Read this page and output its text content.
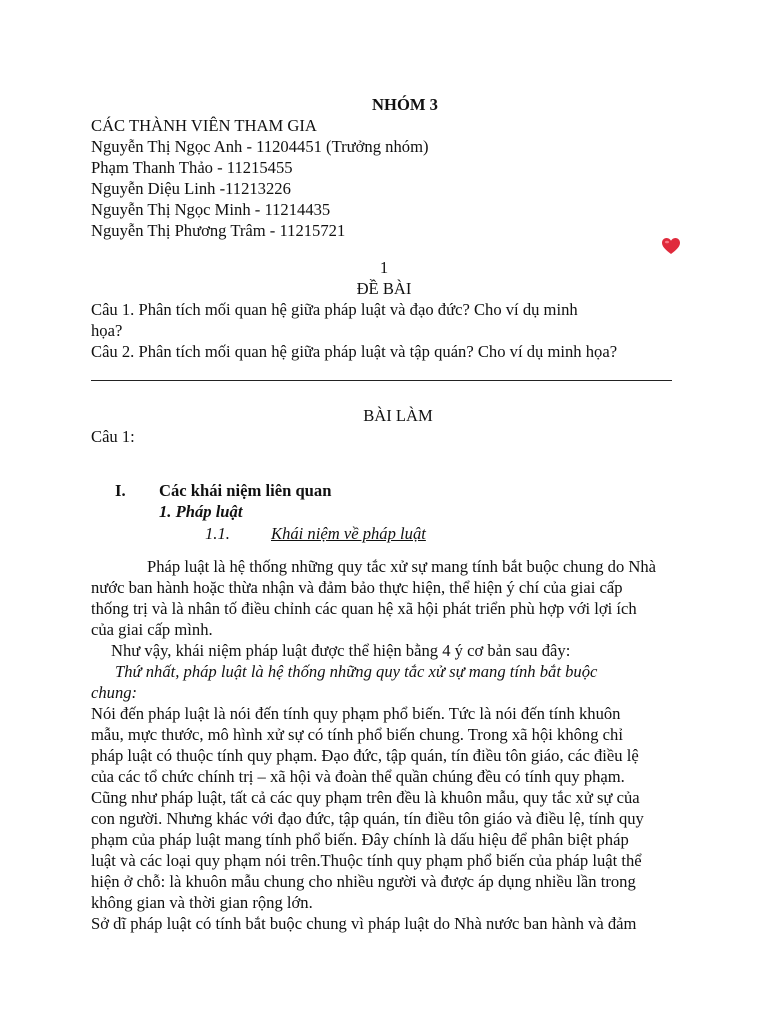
NHÓM 3
CÁC THÀNH VIÊN THAM GIA
Nguyễn Thị Ngọc Anh - 11204451 (Trưởng nhóm)
Phạm Thanh Thảo - 11215455
Nguyễn Diệu Linh -11213226
Nguyễn Thị Ngọc Minh - 11214435
Nguyễn Thị Phương Trâm - 11215721
1
ĐỀ BÀI
Câu 1. Phân tích mối quan hệ giữa pháp luật và đạo đức? Cho ví dụ minh
họa?
Câu 2. Phân tích mối quan hệ giữa pháp luật và tập quán? Cho ví dụ minh họa?
BÀI LÀM
Câu 1:
I. Các khái niệm liên quan
1. Pháp luật
1.1. Khái niệm về pháp luật
Pháp luật là hệ thống những quy tắc xử sự mang tính bắt buộc chung do Nhà
nước ban hành hoặc thừa nhận và đảm bảo thực hiện, thể hiện ý chí của giai cấp
thống trị và là nhân tố điều chỉnh các quan hệ xã hội phát triển phù hợp với lợi ích
của giai cấp mình.
Như vậy, khái niệm pháp luật được thể hiện bằng 4 ý cơ bản sau đây:
Thứ nhất, pháp luật là hệ thống những quy tắc xử sự mang tính bắt buộc
chung:
Nói đến pháp luật là nói đến tính quy phạm phổ biến. Tức là nói đến tính khuôn
mẫu, mực thước, mô hình xử sự có tính phổ biến chung. Trong xã hội không chỉ
pháp luật có thuộc tính quy phạm. Đạo đức, tập quán, tín điều tôn giáo, các điều lệ
của các tổ chức chính trị – xã hội và đoàn thể quần chúng đều có tính quy phạm.
Cũng như pháp luật, tất cả các quy phạm trên đều là khuôn mẫu, quy tắc xử sự của
con người. Nhưng khác với đạo đức, tập quán, tín điều tôn giáo và điều lệ, tính quy
phạm của pháp luật mang tính phổ biến. Đây chính là dấu hiệu để phân biệt pháp
luật và các loại quy phạm nói trên.Thuộc tính quy phạm phổ biến của pháp luật thể
hiện ở chỗ: là khuôn mẫu chung cho nhiều người và được áp dụng nhiều lần trong
không gian và thời gian rộng lớn.
Sở dĩ pháp luật có tính bắt buộc chung vì pháp luật do Nhà nước ban hành và đảm
